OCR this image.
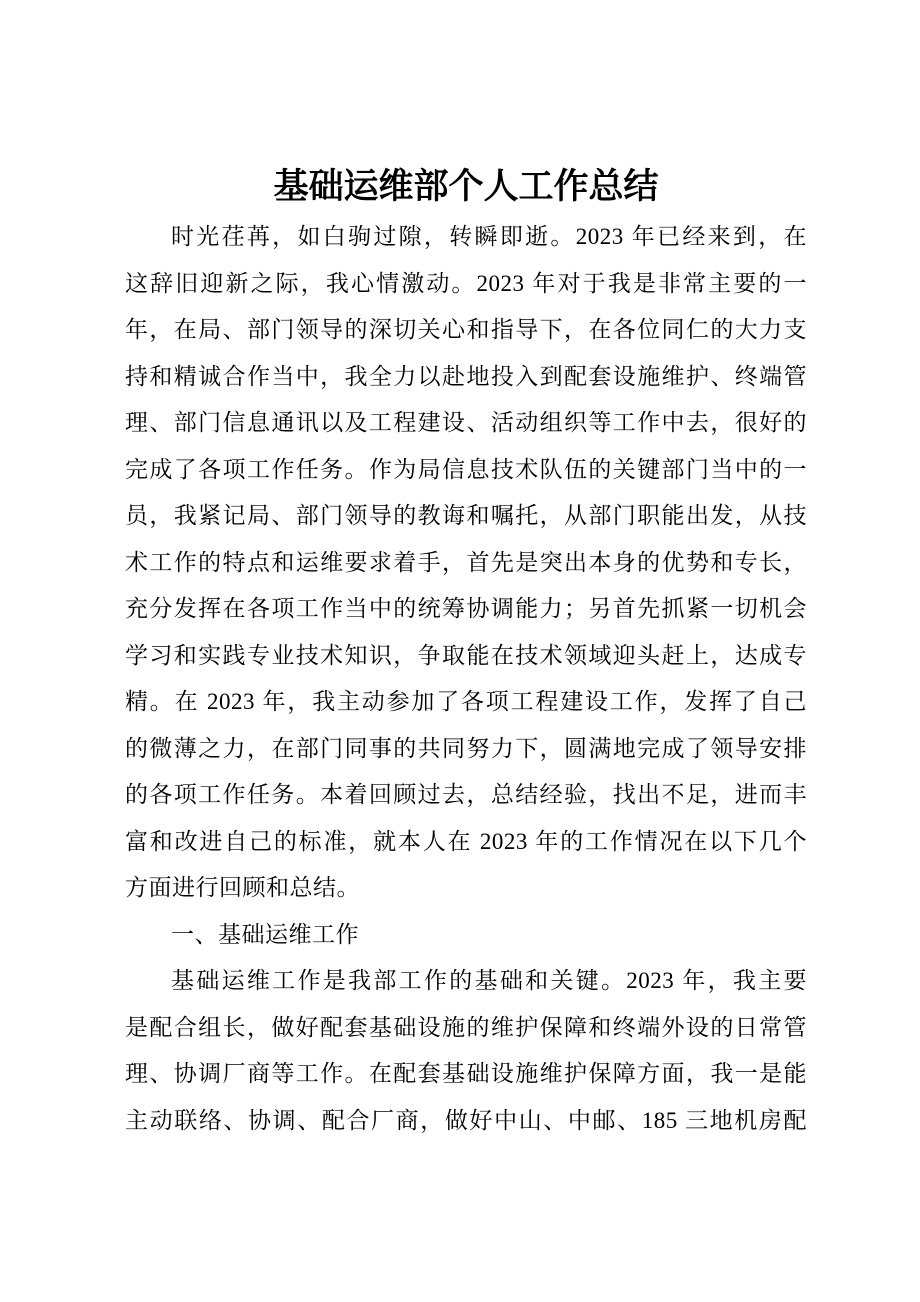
基础运维部个人工作总结
时光荏苒，如白驹过隙，转瞬即逝。2023 年已经来到，在
这辞旧迎新之际，我心情激动。2023 年对于我是非常主要的一
年，在局、部门领导的深切关心和指导下，在各位同仁的大力支
持和精诚合作当中，我全力以赴地投入到配套设施维护、终端管
理、部门信息通讯以及工程建设、活动组织等工作中去，很好的
完成了各项工作任务。作为局信息技术队伍的关键部门当中的一
员，我紧记局、部门领导的教诲和嘱托，从部门职能出发，从技
术工作的特点和运维要求着手，首先是突出本身的优势和专长，
充分发挥在各项工作当中的统筹协调能力；另首先抓紧一切机会
学习和实践专业技术知识，争取能在技术领域迎头赶上，达成专
精。在 2023 年，我主动参加了各项工程建设工作，发挥了自己
的微薄之力，在部门同事的共同努力下，圆满地完成了领导安排
的各项工作任务。本着回顾过去，总结经验，找出不足，进而丰
富和改进自己的标准，就本人在 2023 年的工作情况在以下几个
方面进行回顾和总结。
一、基础运维工作
基础运维工作是我部工作的基础和关键。2023 年，我主要
是配合组长，做好配套基础设施的维护保障和终端外设的日常管
理、协调厂商等工作。在配套基础设施维护保障方面，我一是能
主动联络、协调、配合厂商，做好中山、中邮、185 三地机房配
